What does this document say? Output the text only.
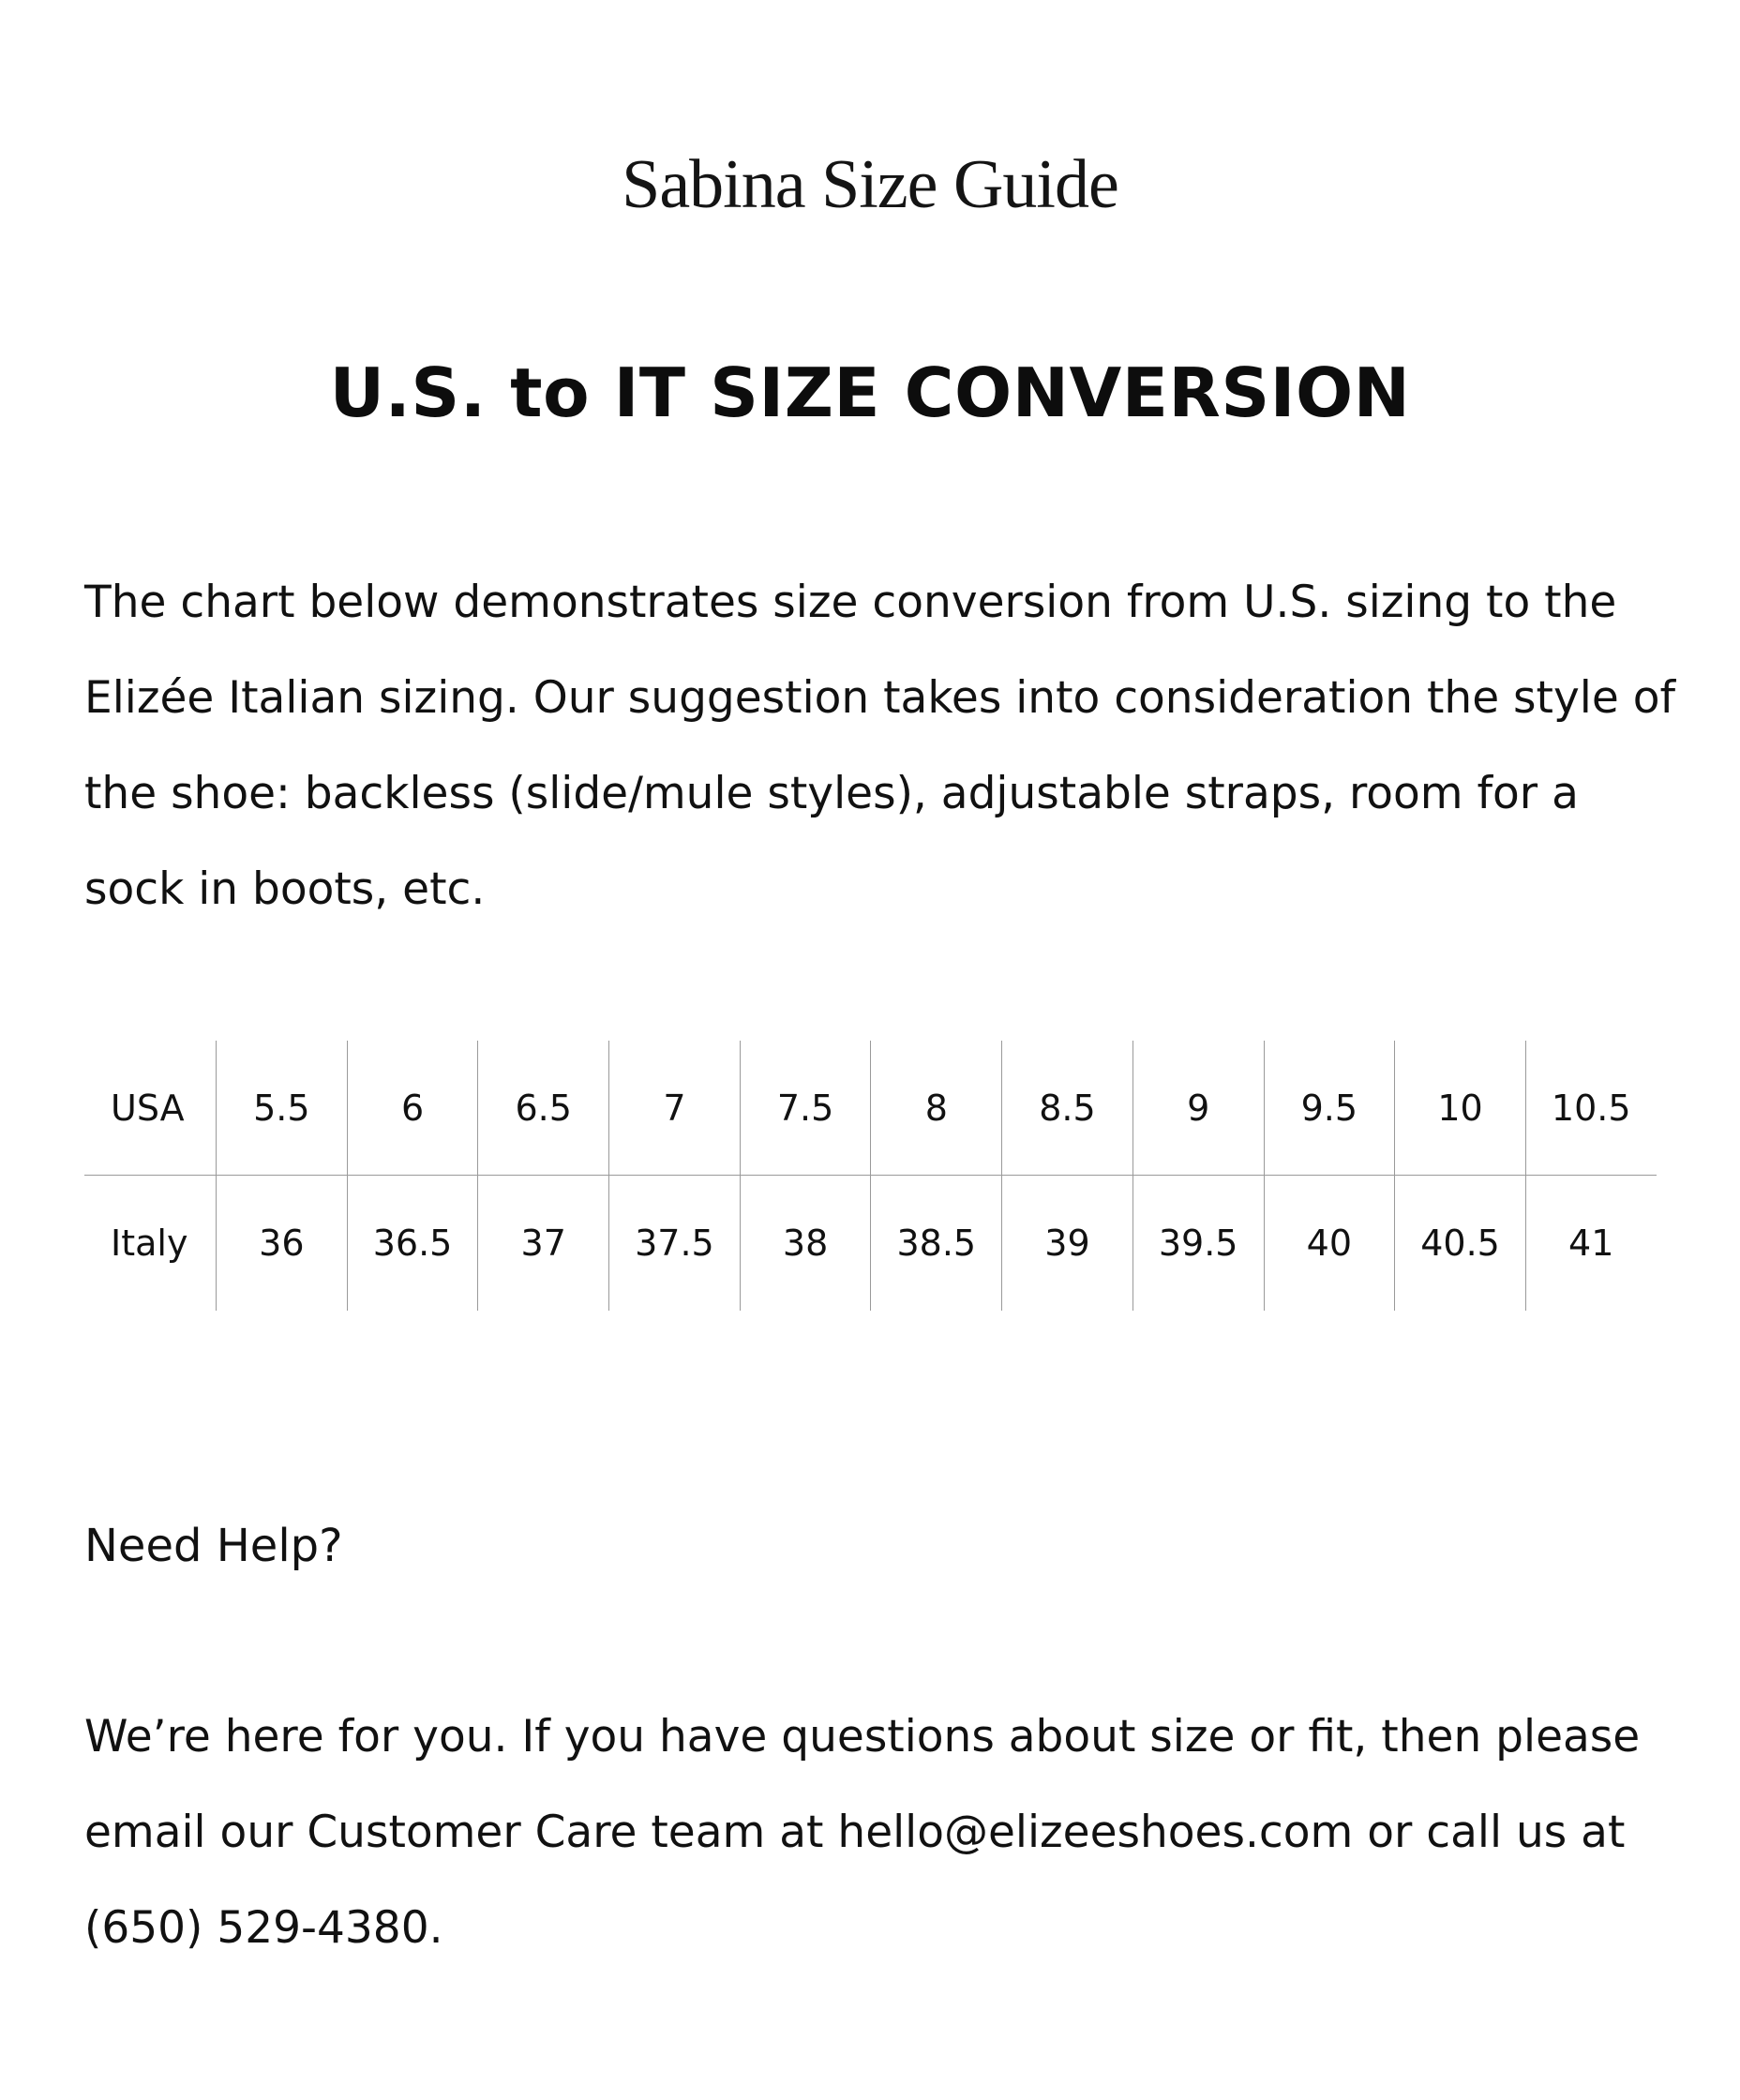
Sabina Size Guide
U.S. to IT SIZE CONVERSION

The chart below demonstrates size conversion from U.S. sizing to the Elizée Italian sizing. Our suggestion takes into consideration the style of the shoe: backless (slide/mule styles), adjustable straps, room for a sock in boots, etc.

USA	5.5	6	6.5	7	7.5	8	8.5	9	9.5	10	10.5
Italy	36	36.5	37	37.5	38	38.5	39	39.5	40	40.5	41
Need Help?

We’re here for you. If you have questions about size or fit, then please email our Customer Care team at hello@elizeeshoes.com or call us at (650) 529-4380.
